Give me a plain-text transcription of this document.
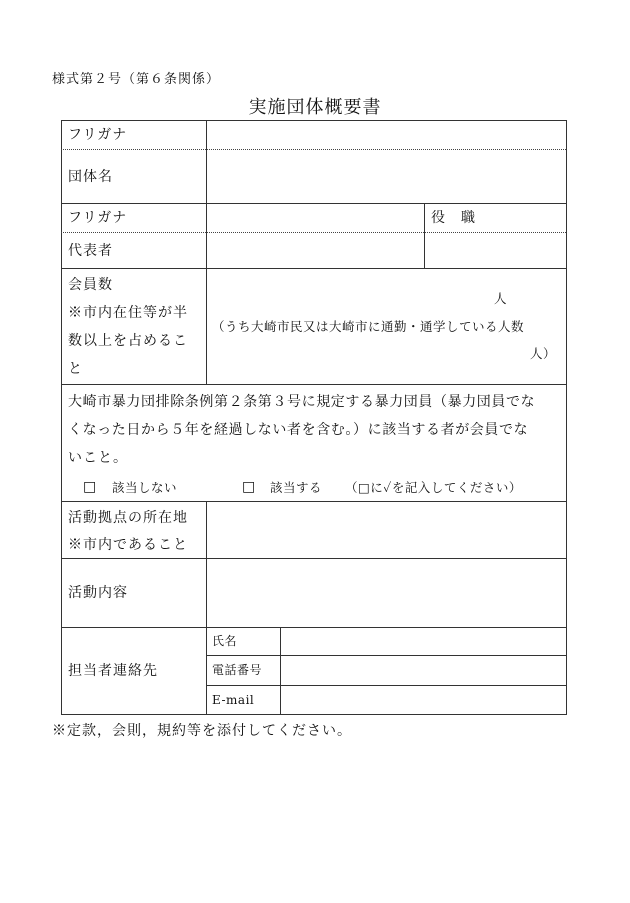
様式第２号（第６条関係）
実施団体概要書
フリガナ
団体名
フリガナ	役　職
代表者
会員数
※市内在住等が半
数以上を占めるこ
と
人
（うち大崎市民又は大崎市に通勤・通学している人数
人）
大崎市暴力団排除条例第２条第３号に規定する暴力団員（暴力団員でな
くなった日から５年を経過しない者を含む。）に該当する者が会員でな
いこと。
□ 該当しない	□ 該当する （□に✓を記入してください）
活動拠点の所在地
※市内であること
活動内容
担当者連絡先
氏名
電話番号
E-mail
※定款，会則，規約等を添付してください。
